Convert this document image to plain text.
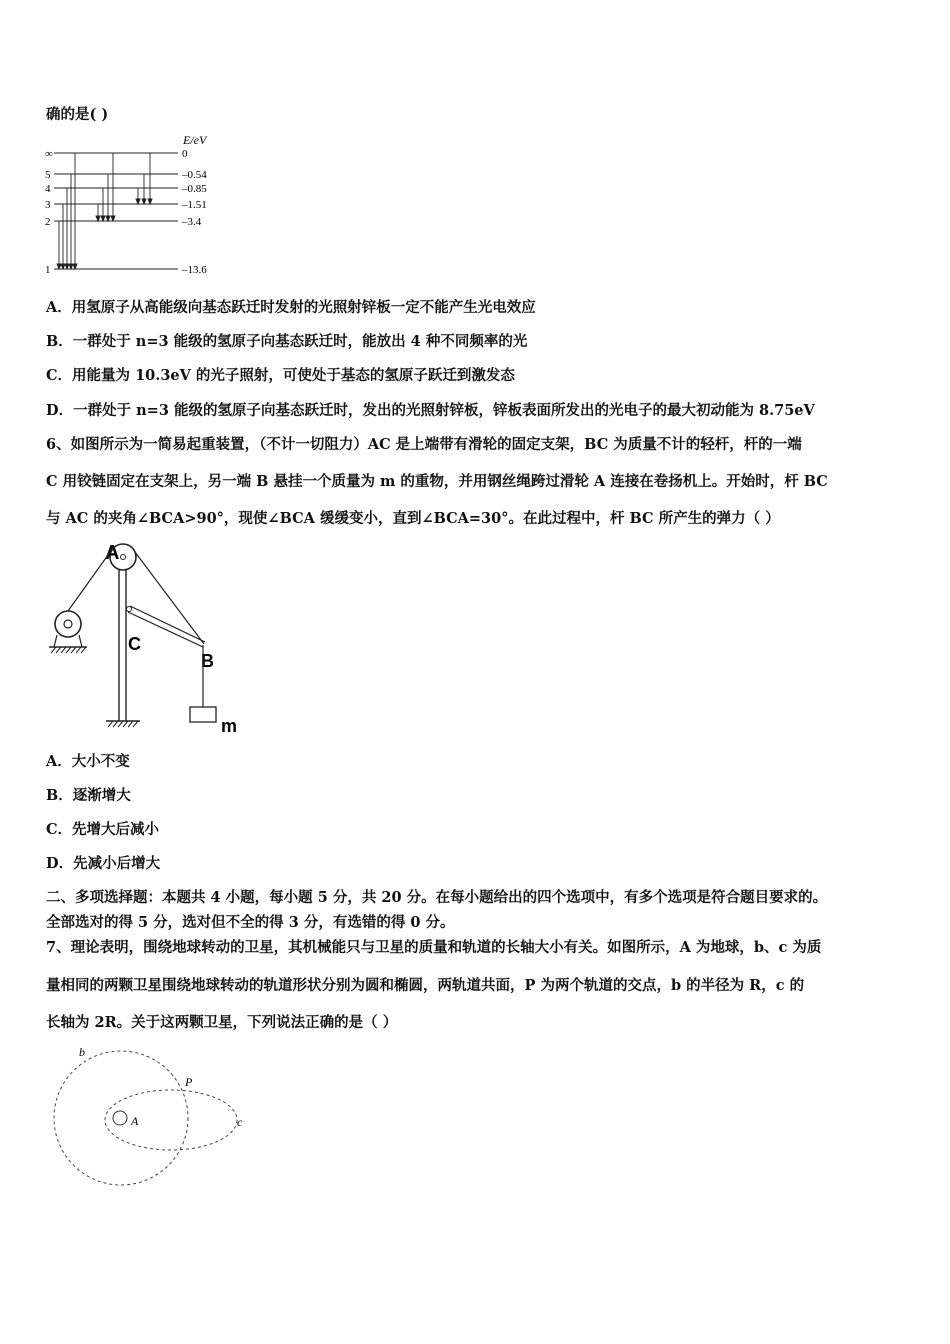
确的是( )
E/eV
∞
5
4
3
2
1
0
–0.54
–0.85
–1.51
–3.4
–13.6
A．用氢原子从高能级向基态跃迁时发射的光照射锌板一定不能产生光电效应
B．一群处于 n=3 能级的氢原子向基态跃迁时，能放出 4 种不同频率的光
C．用能量为 10.3eV 的光子照射，可使处于基态的氢原子跃迁到激发态
D．一群处于 n=3 能级的氢原子向基态跃迁时，发出的光照射锌板，锌板表面所发出的光电子的最大初动能为 8.75eV
6、如图所示为一简易起重装置，（不计一切阻力）AC 是上端带有滑轮的固定支架，BC 为质量不计的轻杆，杆的一端
C 用铰链固定在支架上，另一端 B 悬挂一个质量为 m 的重物，并用钢丝绳跨过滑轮 A 连接在卷扬机上。开始时，杆 BC
与 AC 的夹角∠BCA>90°，现使∠BCA 缓缓变小，直到∠BCA=30°。在此过程中，杆 BC 所产生的弹力（ ）
A
C
B
m
A．大小不变
B．逐渐增大
C．先增大后减小
D．先减小后增大
二、多项选择题：本题共 4 小题，每小题 5 分，共 20 分。在每小题给出的四个选项中，有多个选项是符合题目要求的。
全部选对的得 5 分，选对但不全的得 3 分，有选错的得 0 分。
7、理论表明，围绕地球转动的卫星，其机械能只与卫星的质量和轨道的长轴大小有关。如图所示，A 为地球，b、c 为质
量相同的两颗卫星围绕地球转动的轨道形状分别为圆和椭圆，两轨道共面，P 为两个轨道的交点，b 的半径为 R，c 的
长轴为 2R。关于这两颗卫星，下列说法正确的是（ ）
A
b
P
c
